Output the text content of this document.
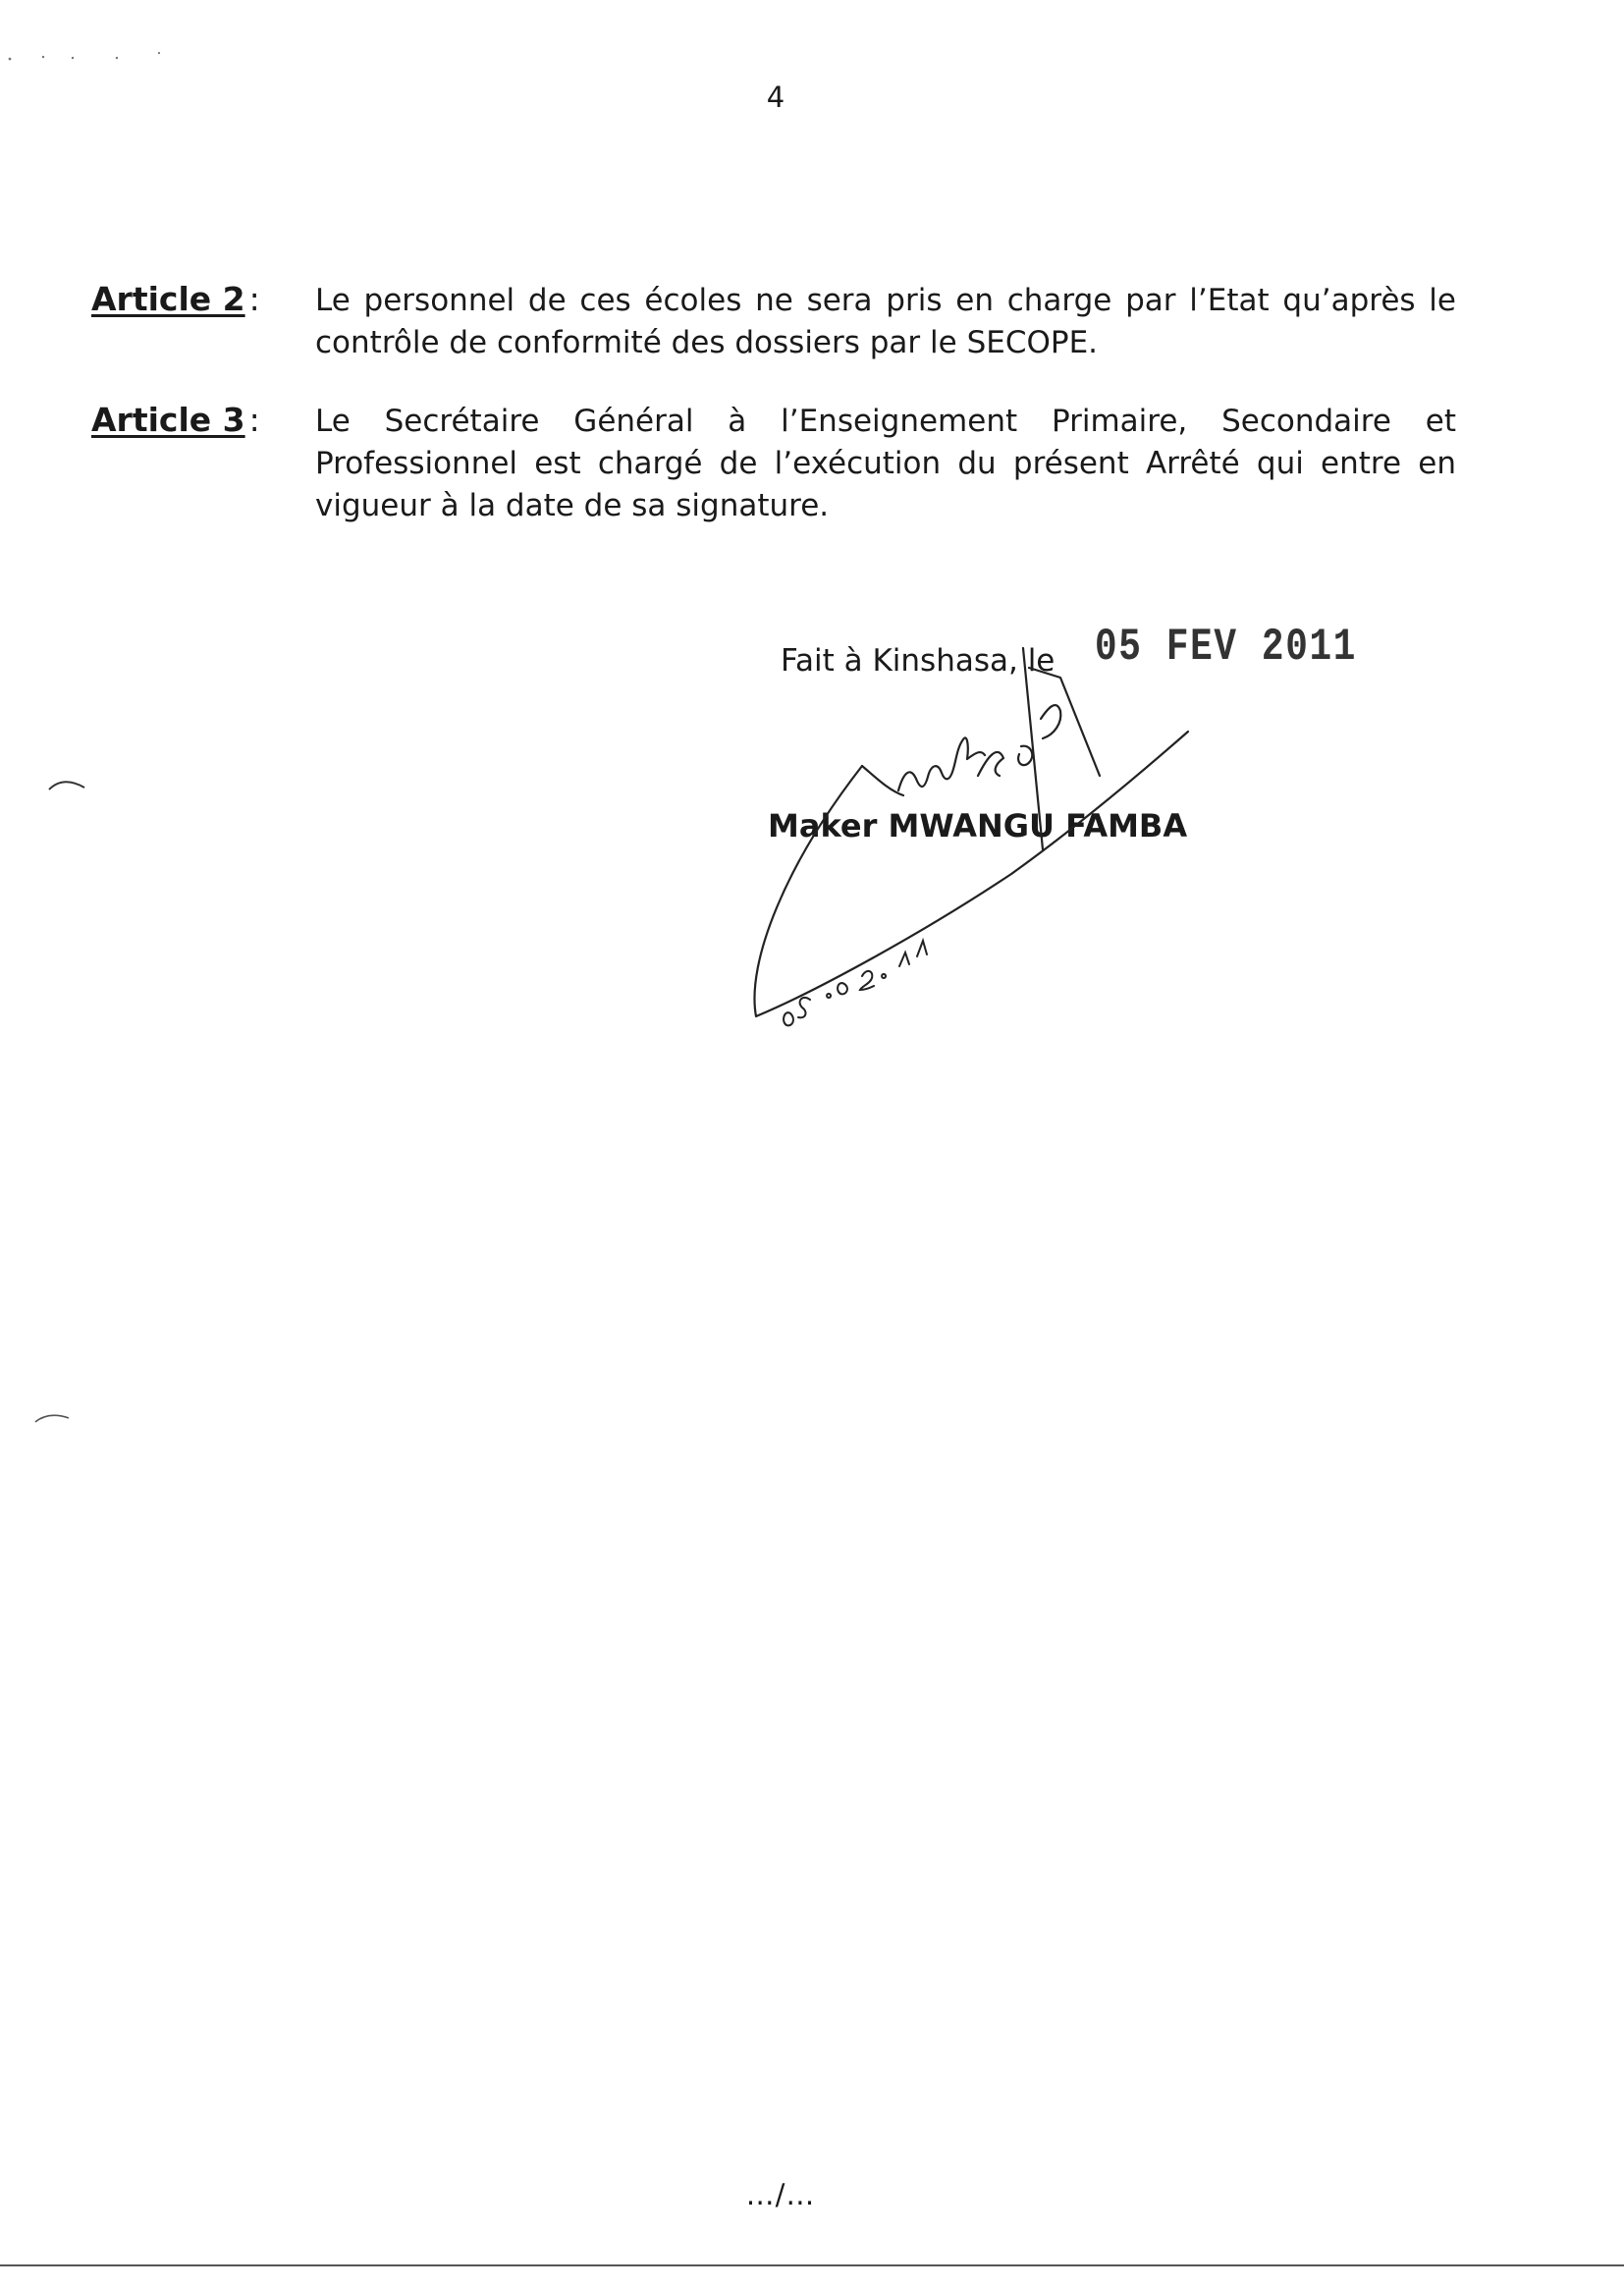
4
Article 2 : Le personnel de ces écoles ne sera pris en charge par l’Etat qu’après le contrôle de conformité des dossiers par le SECOPE.
Article 3 : Le Secrétaire Général à l’Enseignement Primaire, Secondaire et Professionnel est chargé de l’exécution du présent Arrêté qui entre en vigueur à la date de sa signature.
Fait à Kinshasa, le 05 FEV 2011
Maker MWANGU FAMBA
…/…
